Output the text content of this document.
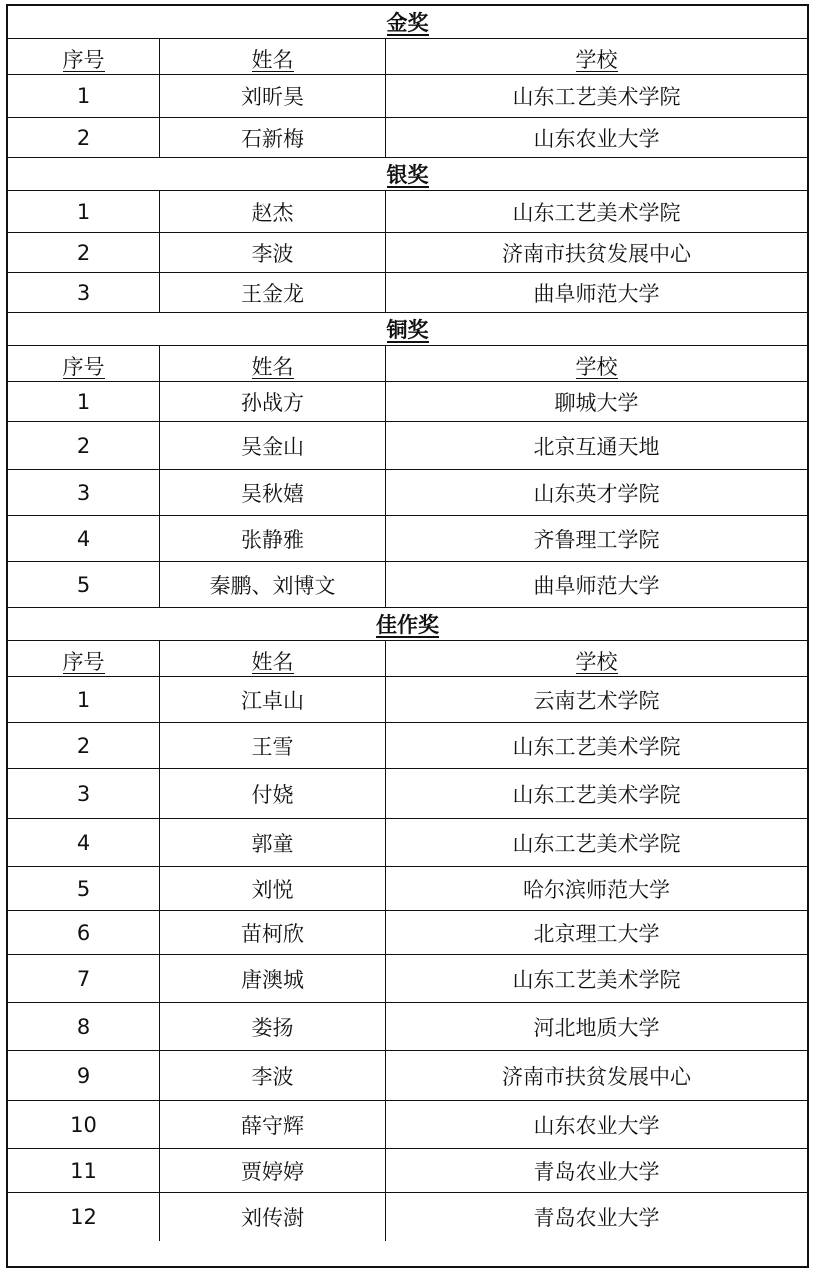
金奖
序号	姓名	学校
1	刘昕昊	山东工艺美术学院
2	石新梅	山东农业大学
银奖
1	赵杰	山东工艺美术学院
2	李波	济南市扶贫发展中心
3	王金龙	曲阜师范大学
铜奖
序号	姓名	学校
1	孙战方	聊城大学
2	吴金山	北京互通天地
3	吴秋嬉	山东英才学院
4	张静雅	齐鲁理工学院
5	秦鹏、刘博文	曲阜师范大学
佳作奖
序号	姓名	学校
1	江卓山	云南艺术学院
2	王雪	山东工艺美术学院
3	付娆	山东工艺美术学院
4	郭童	山东工艺美术学院
5	刘悦	哈尔滨师范大学
6	苗柯欣	北京理工大学
7	唐澳城	山东工艺美术学院
8	娄扬	河北地质大学
9	李波	济南市扶贫发展中心
10	薛守辉	山东农业大学
11	贾婷婷	青岛农业大学
12	刘传澍	青岛农业大学
